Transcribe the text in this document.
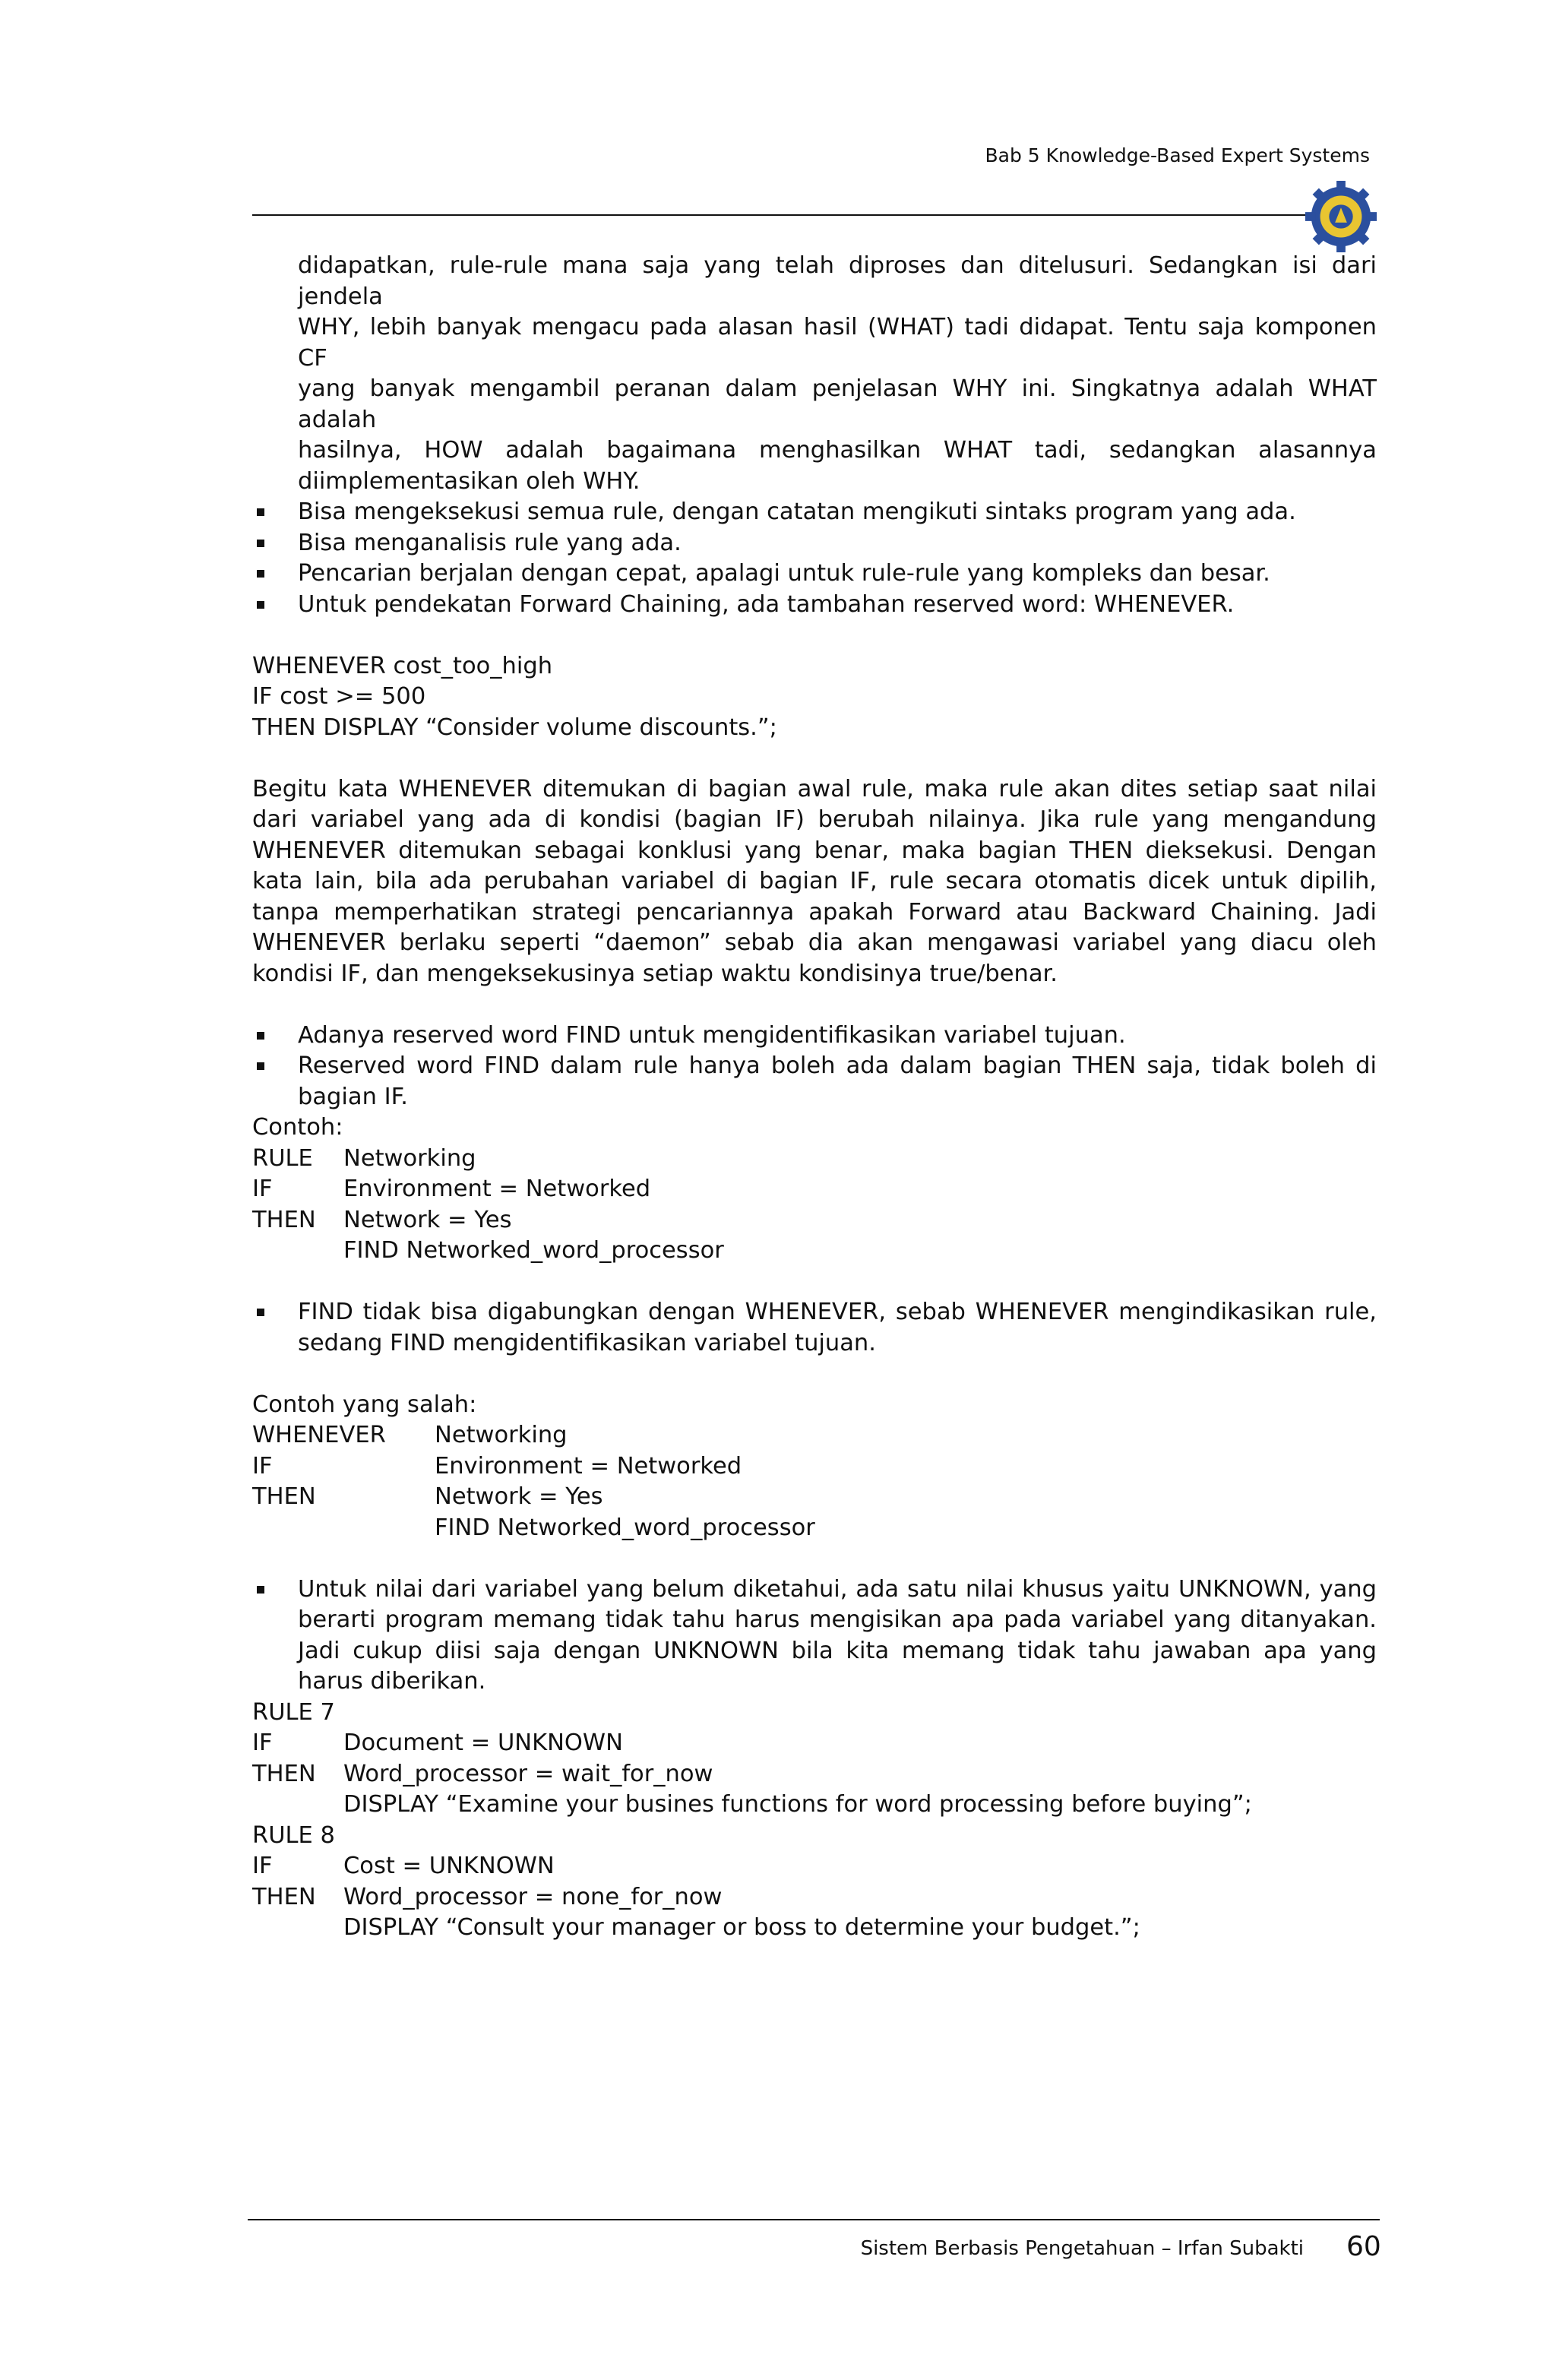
Bab 5 Knowledge-Based Expert Systems

didapatkan, rule-rule mana saja yang telah diproses dan ditelusuri. Sedangkan isi dari jendela

WHY, lebih banyak mengacu pada alasan hasil (WHAT) tadi didapat. Tentu saja komponen CF

yang banyak mengambil peranan dalam penjelasan WHY ini. Singkatnya adalah WHAT adalah

hasilnya, HOW adalah bagaimana menghasilkan WHAT tadi, sedangkan alasannya

diimplementasikan oleh WHY.

Bisa mengeksekusi semua rule, dengan catatan mengikuti sintaks program yang ada.

Bisa menganalisis rule yang ada.

Pencarian berjalan dengan cepat, apalagi untuk rule-rule yang kompleks dan besar.

Untuk pendekatan Forward Chaining, ada tambahan reserved word: WHENEVER.

WHENEVER cost_too_high

IF cost >= 500

THEN DISPLAY “Consider volume discounts.”;

Begitu kata WHENEVER ditemukan di bagian awal rule, maka rule akan dites setiap saat nilai dari variabel yang ada di kondisi (bagian IF) berubah nilainya. Jika rule yang mengandung WHENEVER ditemukan sebagai konklusi yang benar, maka bagian THEN dieksekusi. Dengan kata lain, bila ada perubahan variabel di bagian IF, rule secara otomatis dicek untuk dipilih, tanpa memperhatikan strategi pencariannya apakah Forward atau Backward Chaining. Jadi WHENEVER berlaku seperti “daemon” sebab dia akan mengawasi variabel yang diacu oleh kondisi IF, dan mengeksekusinya setiap waktu kondisinya true/benar.

Adanya reserved word FIND untuk mengidentifikasikan variabel tujuan.

Reserved word FIND dalam rule hanya boleh ada dalam bagian THEN saja, tidak boleh di bagian IF.

Contoh:

RULE	Networking
IF	Environment = Networked
THEN	Network = Yes
FIND Networked_word_processor

FIND tidak bisa digabungkan dengan WHENEVER, sebab WHENEVER mengindikasikan rule, sedang FIND mengidentifikasikan variabel tujuan.

Contoh yang salah:

WHENEVER	Networking
IF	Environment = Networked
THEN	Network = Yes
FIND Networked_word_processor

Untuk nilai dari variabel yang belum diketahui, ada satu nilai khusus yaitu UNKNOWN, yang berarti program memang tidak tahu harus mengisikan apa pada variabel yang ditanyakan. Jadi cukup diisi saja dengan UNKNOWN bila kita memang tidak tahu jawaban apa yang harus diberikan.

RULE 7

IF	Document = UNKNOWN
THEN	Word_processor = wait_for_now
DISPLAY “Examine your busines functions for word processing before buying”;

RULE 8

IF	Cost = UNKNOWN
THEN	Word_processor = none_for_now
DISPLAY “Consult your manager or boss to determine your budget.”;
Sistem Berbasis Pengetahuan – Irfan Subakti 60
